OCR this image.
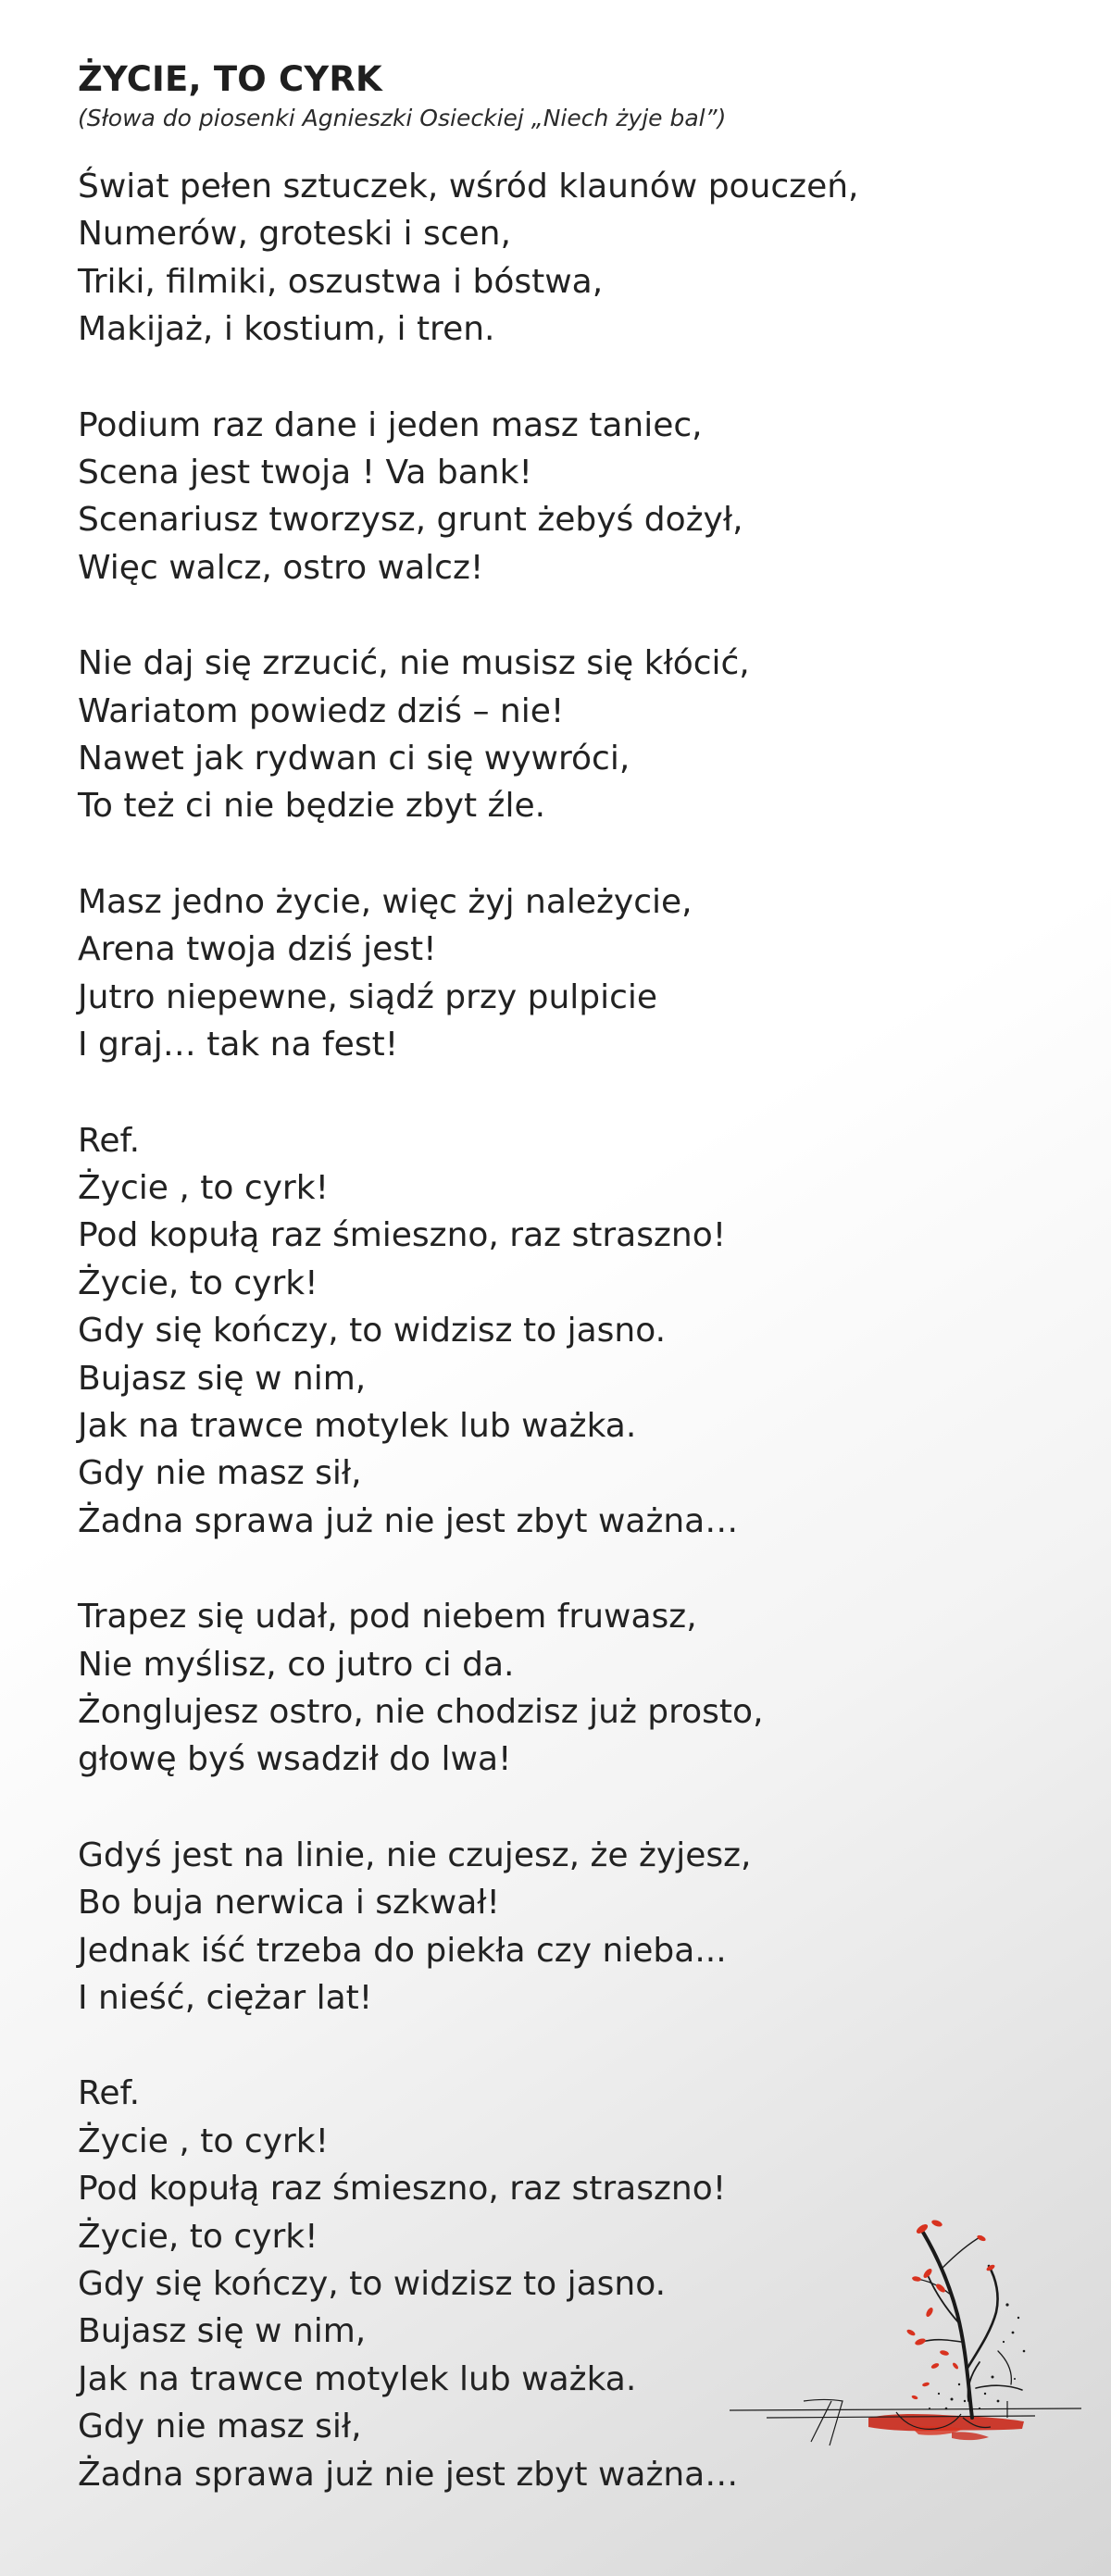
ŻYCIE, TO CYRK

(Słowa do piosenki Agnieszki Osieckiej „Niech żyje bal”)

Świat pełen sztuczek, wśród klaunów pouczeń,
Numerów, groteski i scen,
Triki, filmiki, oszustwa i bóstwa,
Makijaż, i kostium, i tren.
Podium raz dane i jeden masz taniec,
Scena jest twoja ! Va bank!
Scenariusz tworzysz, grunt żebyś dożył,
Więc walcz, ostro walcz!
Nie daj się zrzucić, nie musisz się kłócić,
Wariatom powiedz dziś – nie!
Nawet jak rydwan ci się wywróci,
To też ci nie będzie zbyt źle.
Masz jedno życie, więc żyj należycie,
Arena twoja dziś jest!
Jutro niepewne, siądź przy pulpicie
I graj… tak na fest!
Ref.
Życie , to cyrk!
Pod kopułą raz śmieszno, raz straszno!
Życie, to cyrk!
Gdy się kończy, to widzisz to jasno.
Bujasz się w nim,
Jak na trawce motylek lub ważka.
Gdy nie masz sił,
Żadna sprawa już nie jest zbyt ważna…
Trapez się udał, pod niebem fruwasz,
Nie myślisz, co jutro ci da.
Żonglujesz ostro, nie chodzisz już prosto,
głowę byś wsadził do lwa!
Gdyś jest na linie, nie czujesz, że żyjesz,
Bo buja nerwica i szkwał!
Jednak iść trzeba do piekła czy nieba...
I nieść, ciężar lat!
Ref.
Życie , to cyrk!
Pod kopułą raz śmieszno, raz straszno!
Życie, to cyrk!
Gdy się kończy, to widzisz to jasno.
Bujasz się w nim,
Jak na trawce motylek lub ważka.
Gdy nie masz sił,
Żadna sprawa już nie jest zbyt ważna…
